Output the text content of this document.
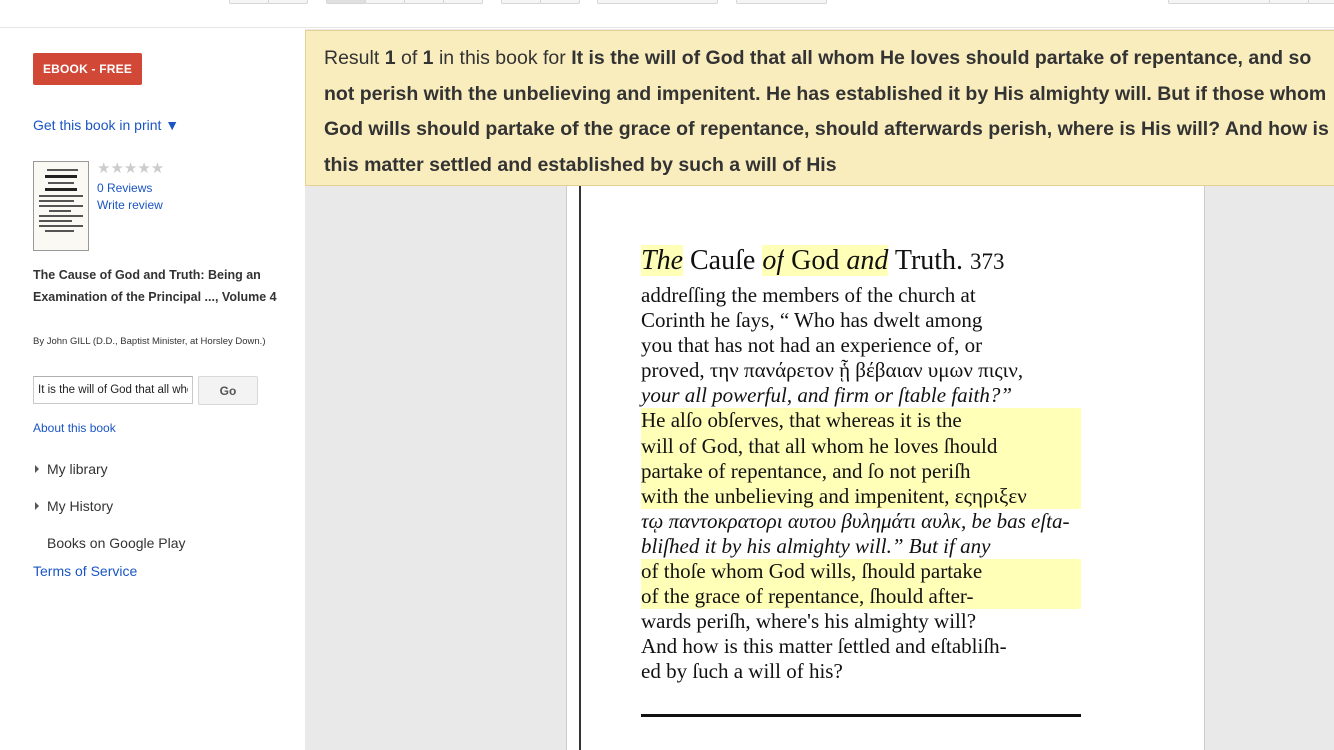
EBOOK - FREE
Get this book in print ▼
★★★★★
0 Reviews
Write review
The Cause of God and Truth: Being an Examination of the Principal ..., Volume 4
By John GILL (D.D., Baptist Minister, at Horsley Down.)
It is the will of God that all whom He loves should partake
Go
About this book
My library
My History
Books on Google Play
Terms of Service

The Cauſe of God and Truth. 373

addreſſing the members of the church at

Corinth he ſays, “ Who has dwelt among

you that has not had an experience of, or

proved, την πανάρετον ᾗ βέβαιαν υμων πιςιν,

your all powerful, and firm or ſtable faith?”

He alſo obſerves, that whereas it is the

will of God, that all whom he loves ſhould

partake of repentance, and ſo not periſh

with the unbelieving and impenitent, εςηριξεν

τῳ παντοκρατορι αυτου βυλημάτι αυλκ, be bas eſta-

bliſhed it by his almighty will.” But if any

of thoſe whom God wills, ſhould partake

of the grace of repentance, ſhould after-

wards periſh, where's his almighty will?

And how is this matter ſettled and eſtabliſh-

ed by ſuch a will of his?

Result 1 of 1 in this book for It is the will of God that all whom He loves should partake of repentance, and so not perish with the unbelieving and impenitent. He has established it by His almighty will. But if those whom God wills should partake of the grace of repentance, should afterwards perish, where is His will? And how is this matter settled and established by such a will of His
